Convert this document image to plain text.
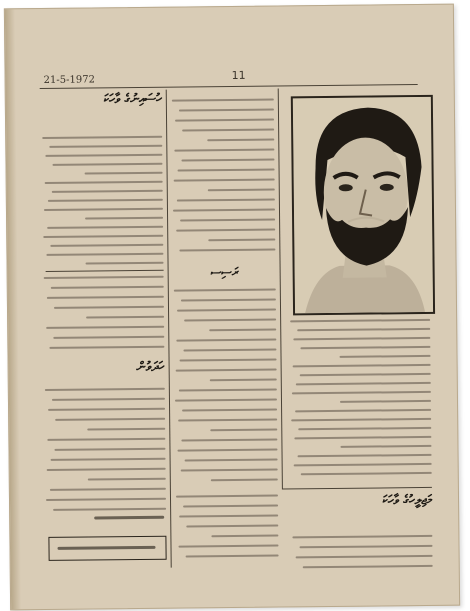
21-5-1972	11
ހުސައިނުގެ ވާހަކަ
ހަދަވުން
ރަސިސ
މަޖިލީހުގެ ވާހަކަ
